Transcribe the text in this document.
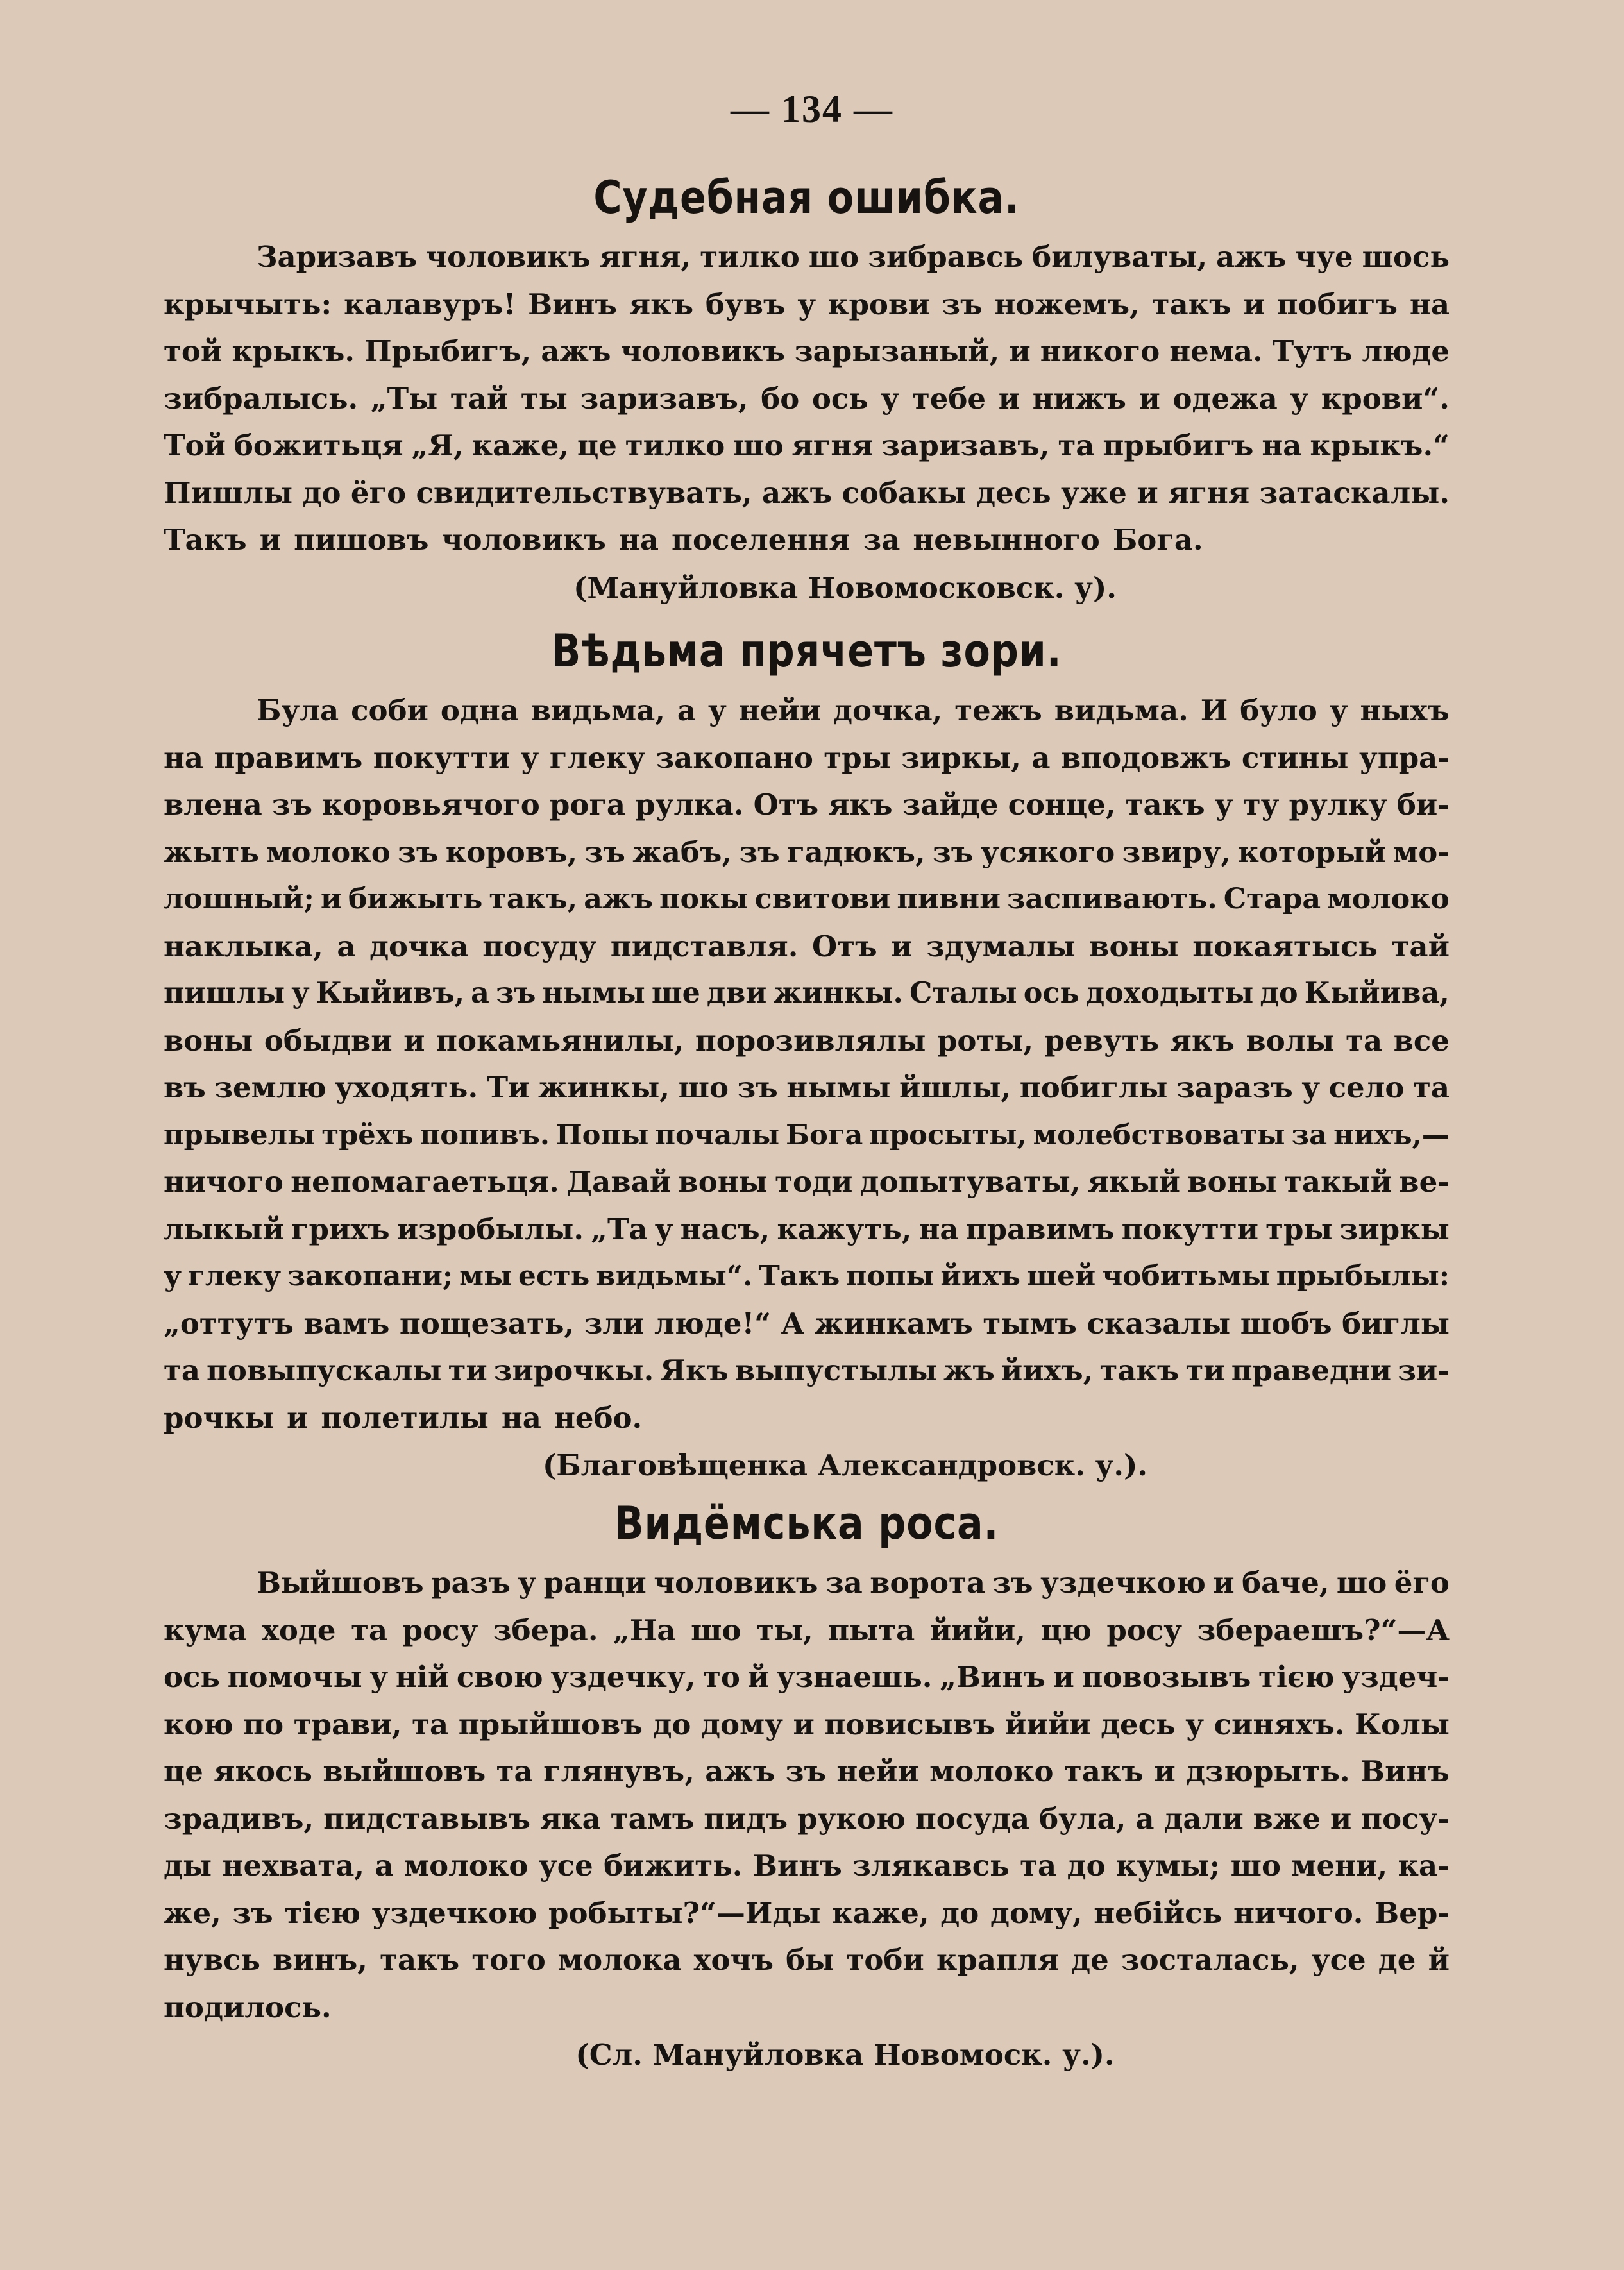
— 134 —
Судебная ошибка.
Заризавъ чоловикъ ягня, тилко шо зибравсь билуваты, ажъ чуе шось
крычыть: калавуръ! Винъ якъ бувъ у крови зъ ножемъ, такъ и побигъ на
той крыкъ. Прыбигъ, ажъ чоловикъ зарызаный, и никого нема. Тутъ люде
зибралысь. „Ты тай ты заризавъ, бо ось у тебе и нижъ и одежа у крови“.
Той божитьця „Я, каже, це тилко шо ягня заризавъ, та прыбигъ на крыкъ.“
Пишлы до ёго свидительствувать, ажъ собакы десь уже и ягня затаскалы.
Такъ и пишовъ чоловикъ на поселення за невынного Бога.
(Мануйловка Новомосковск. у).
Вѣдьма прячетъ зори.
Була соби одна видьма, а у нейи дочка, тежъ видьма. И було у ныхъ
на правимъ покутти у глеку закопано тры зиркы, а вподовжъ стины упра-
влена зъ коровьячого рога рулка. Отъ якъ зайде сонце, такъ у ту рулку би-
жыть молоко зъ коровъ, зъ жабъ, зъ гадюкъ, зъ усякого звиру, который мо-
лошный; и бижыть такъ, ажъ покы свитови пивни заспивають. Стара молоко
наклыка, а дочка посуду пидставля. Отъ и здумалы воны покаятысь тай
пишлы у Кыйивъ, а зъ нымы ше дви жинкы. Сталы ось доходыты до Кыйива,
воны обыдви и покамьянилы, порозивлялы роты, ревуть якъ волы та все
въ землю уходять. Ти жинкы, шо зъ нымы йшлы, побиглы заразъ у село та
прывелы трёхъ попивъ. Попы почалы Бога просыты, молебствоваты за нихъ,—
ничого непомагаетьця. Давай воны тоди допытуваты, якый воны такый ве-
лыкый грихъ изробылы. „Та у насъ, кажуть, на правимъ покутти тры зиркы
у глеку закопани; мы есть видьмы“. Такъ попы йихъ шей чобитьмы прыбылы:
„оттутъ вамъ пощезать, зли люде!“ А жинкамъ тымъ сказалы шобъ биглы
та повыпускалы ти зирочкы. Якъ выпустылы жъ йихъ, такъ ти праведни зи-
рочкы и полетилы на небо.
(Благовѣщенка Александровск. у.).
Видёмська роса.
Выйшовъ разъ у ранци чоловикъ за ворота зъ уздечкою и баче, шо ёго
кума ходе та росу збера. „На шо ты, пыта йийи, цю росу збераешъ?“—А
ось помочы у ній свою уздечку, то й узнаешь. „Винъ и повозывъ тією уздеч-
кою по трави, та прыйшовъ до дому и повисывъ йийи десь у синяхъ. Колы
це якось выйшовъ та глянувъ, ажъ зъ нейи молоко такъ и дзюрыть. Винъ
зрадивъ, пидставывъ яка тамъ пидъ рукою посуда була, а дали вже и посу-
ды нехвата, а молоко усе бижить. Винъ злякавсь та до кумы; шо мени, ка-
же, зъ тією уздечкою робыты?“—Иды каже, до дому, небійсь ничого. Вер-
нувсь винъ, такъ того молока хочъ бы тоби крапля де зосталась, усе де й
подилось.
(Сл. Мануйловка Новомоск. у.).
